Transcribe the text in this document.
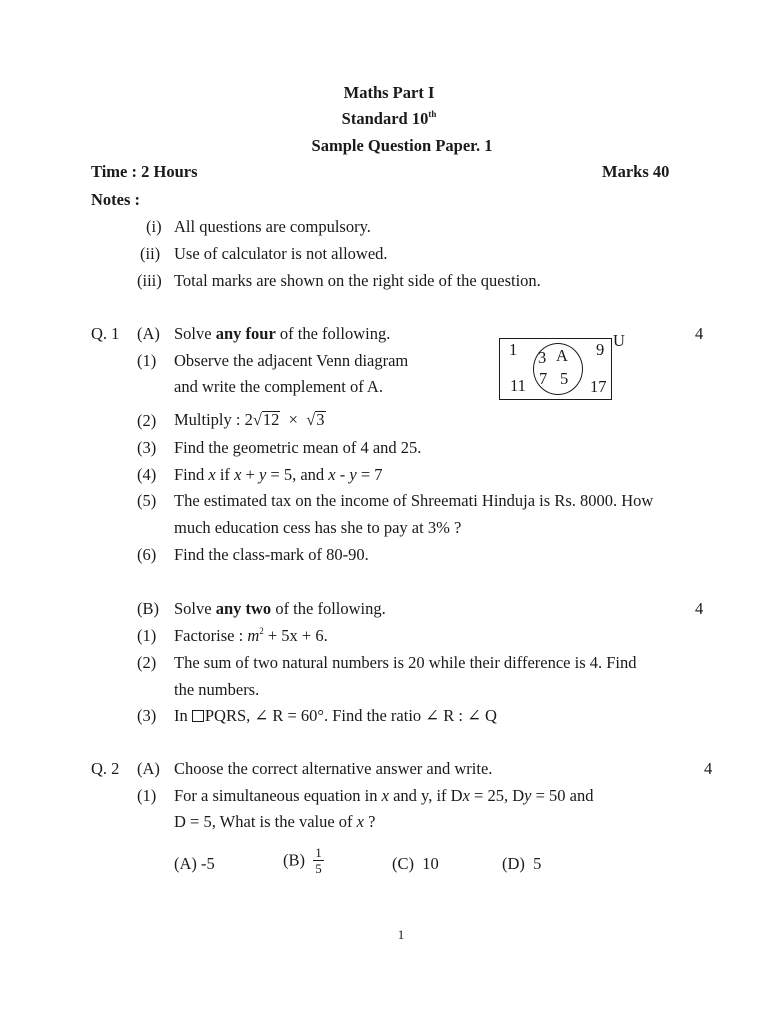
Maths Part I
Standard 10th
Sample Question Paper. 1
Time : 2 Hours	Marks 40
Notes :
(i) All questions are compulsory.
(ii) Use of calculator is not allowed.
(iii) Total marks are shown on the right side of the question.
Q. 1 (A) Solve any four of the following.	4
(1) Observe the adjacent Venn diagram
and write the complement of A.
1	9
11	17
3 A
7 5
U
(2) Multiply : 2√12 × √3
(3) Find the geometric mean of 4 and 25.
(4) Find x if x + y = 5, and x - y = 7
(5) The estimated tax on the income of Shreemati Hinduja is Rs. 8000. How
much education cess has she to pay at 3% ?
(6) Find the class-mark of 80-90.
(B) Solve any two of the following.	4
(1) Factorise : $m^2 + 5x + 6$.
(2) The sum of two natural numbers is 20 while their difference is 4. Find
the numbers.
(3) In PQRS, ∠ R = 60°. Find the ratio ∠ R : ∠ Q
Q. 2 (A) Choose the correct alternative answer and write.	4
(1) For a simultaneous equation in x and y, if Dx = 25, Dy = 50 and
D = 5, What is the value of x ?
(A) -5	$(B) \frac{1}{5}$	(C) 10	(D) 5
1
